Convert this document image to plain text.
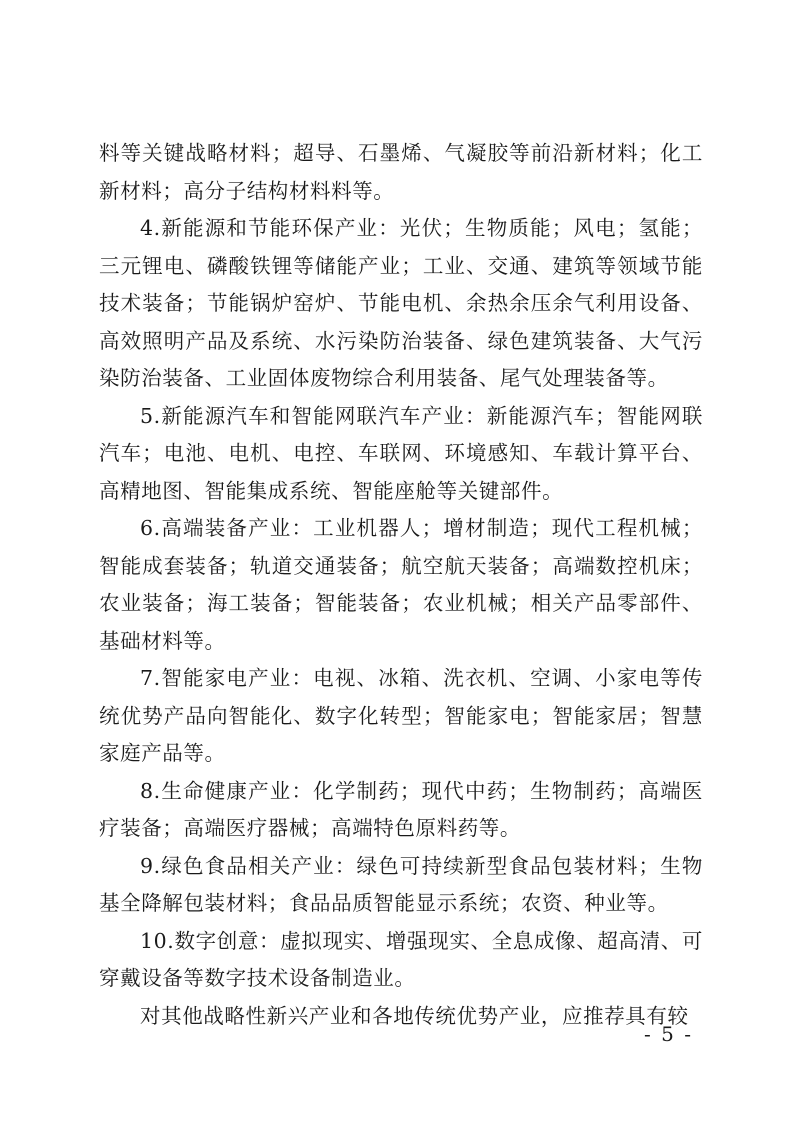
料等关键战略材料；超导、石墨烯、气凝胶等前沿新材料；化工新材料；高分子结构材料料等。

4.新能源和节能环保产业：光伏；生物质能；风电；氢能；三元锂电、磷酸铁锂等储能产业；工业、交通、建筑等领域节能技术装备；节能锅炉窑炉、节能电机、余热余压余气利用设备、高效照明产品及系统、水污染防治装备、绿色建筑装备、大气污染防治装备、工业固体废物综合利用装备、尾气处理装备等。

5.新能源汽车和智能网联汽车产业：新能源汽车；智能网联汽车；电池、电机、电控、车联网、环境感知、车载计算平台、高精地图、智能集成系统、智能座舱等关键部件。

6.高端装备产业：工业机器人；增材制造；现代工程机械；智能成套装备；轨道交通装备；航空航天装备；高端数控机床；农业装备；海工装备；智能装备；农业机械；相关产品零部件、基础材料等。

7.智能家电产业：电视、冰箱、洗衣机、空调、小家电等传统优势产品向智能化、数字化转型；智能家电；智能家居；智慧家庭产品等。

8.生命健康产业：化学制药；现代中药；生物制药；高端医疗装备；高端医疗器械；高端特色原料药等。

9.绿色食品相关产业：绿色可持续新型食品包装材料；生物基全降解包装材料；食品品质智能显示系统；农资、种业等。

10.数字创意：虚拟现实、增强现实、全息成像、超高清、可穿戴设备等数字技术设备制造业。

对其他战略性新兴产业和各地传统优势产业，应推荐具有较

- 5 -
